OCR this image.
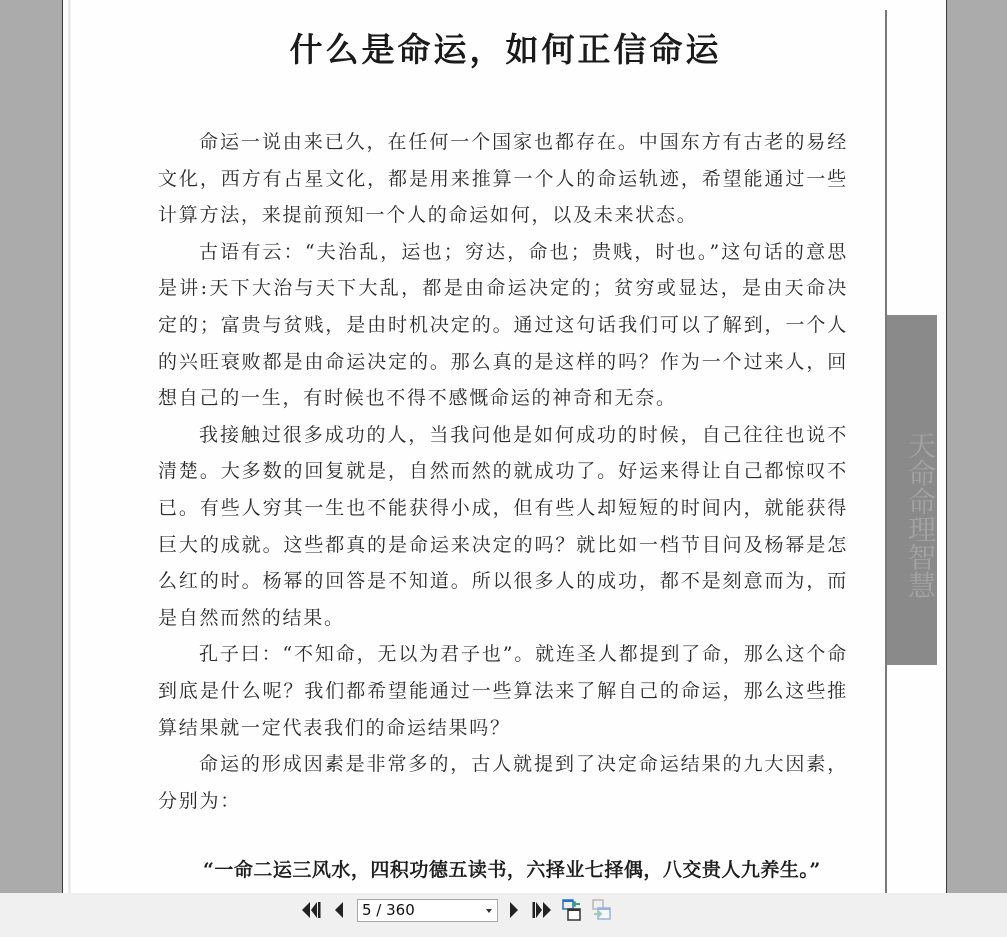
什么是命运，如何正信命运

命运一说由来已久，在任何一个国家也都存在。中国东方有古老的易经文化，西方有占星文化，都是用来推算一个人的命运轨迹，希望能通过一些计算方法，来提前预知一个人的命运如何，以及未来状态。

古语有云：“夫治乱，运也；穷达，命也；贵贱，时也。”这句话的意思是讲:天下大治与天下大乱，都是由命运决定的；贫穷或显达，是由天命决定的；富贵与贫贱，是由时机决定的。通过这句话我们可以了解到，一个人的兴旺衰败都是由命运决定的。那么真的是这样的吗？作为一个过来人，回想自己的一生，有时候也不得不感慨命运的神奇和无奈。

我接触过很多成功的人，当我问他是如何成功的时候，自己往往也说不清楚。大多数的回复就是，自然而然的就成功了。好运来得让自己都惊叹不已。有些人穷其一生也不能获得小成，但有些人却短短的时间内，就能获得巨大的成就。这些都真的是命运来决定的吗？就比如一档节目问及杨幂是怎么红的时。杨幂的回答是不知道。所以很多人的成功，都不是刻意而为，而是自然而然的结果。

孔子曰：“不知命，无以为君子也”。就连圣人都提到了命，那么这个命到底是什么呢？我们都希望能通过一些算法来了解自己的命运，那么这些推算结果就一定代表我们的命运结果吗？

命运的形成因素是非常多的，古人就提到了决定命运结果的九大因素，分别为：

“一命二运三风水，四积功德五读书，六择业七择偶，八交贵人九养生。”
天命命理智慧
5 / 360
